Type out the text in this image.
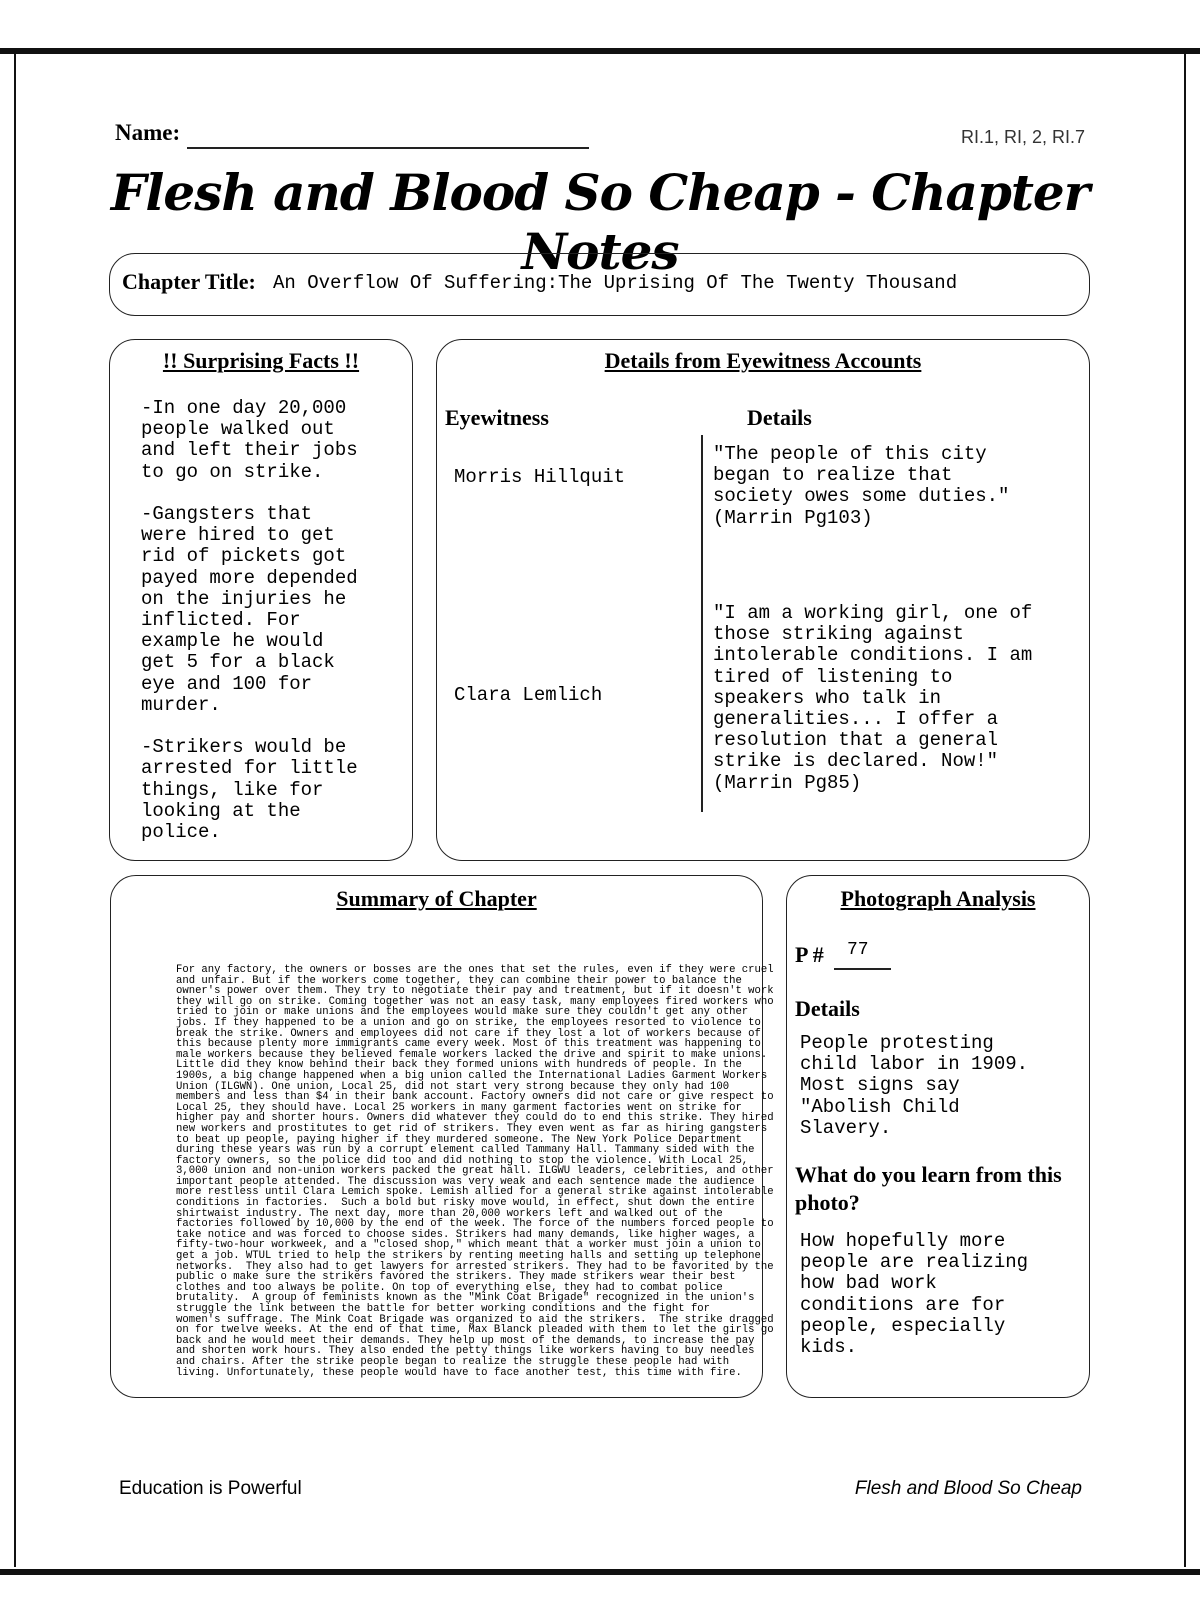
Name:	RI.1, RI, 2, RI.7
Flesh and Blood So Cheap - Chapter Notes
Chapter Title: An Overflow Of Suffering:The Uprising Of The Twenty Thousand
!! Surprising Facts !!
-In one day 20,000
people walked out
and left their jobs
to go on strike.

-Gangsters that
were hired to get
rid of pickets got
payed more depended
on the injuries he
inflicted. For
example he would
get 5 for a black
eye and 100 for
murder.

-Strikers would be
arrested for little
things, like for
looking at the
police.
Details from Eyewitness Accounts
Eyewitness	Details
Morris Hillquit
"The people of this city
began to realize that
society owes some duties."
(Marrin Pg103)
Clara Lemlich
"I am a working girl, one of
those striking against
intolerable conditions. I am
tired of listening to
speakers who talk in
generalities... I offer a
resolution that a general
strike is declared. Now!"
(Marrin Pg85)
Summary of Chapter
For any factory, the owners or bosses are the ones that set the rules, even if they were cruel
and unfair. But if the workers come together, they can combine their power to balance the
owner's power over them. They try to negotiate their pay and treatment, but if it doesn't work
they will go on strike. Coming together was not an easy task, many employees fired workers who
tried to join or make unions and the employees would make sure they couldn't get any other
jobs. If they happened to be a union and go on strike, the employees resorted to violence to
break the strike. Owners and employees did not care if they lost a lot of workers because of
this because plenty more immigrants came every week. Most of this treatment was happening to
male workers because they believed female workers lacked the drive and spirit to make unions.
Little did they know behind their back they formed unions with hundreds of people. In the
1900s, a big change happened when a big union called the International Ladies Garment Workers
Union (ILGWN). One union, Local 25, did not start very strong because they only had 100
members and less than $4 in their bank account. Factory owners did not care or give respect to
Local 25, they should have. Local 25 workers in many garment factories went on strike for
higher pay and shorter hours. Owners did whatever they could do to end this strike. They hired
new workers and prostitutes to get rid of strikers. They even went as far as hiring gangsters
to beat up people, paying higher if they murdered someone. The New York Police Department
during these years was run by a corrupt element called Tammany Hall. Tammany sided with the
factory owners, so the police did too and did nothing to stop the violence. With Local 25,
3,000 union and non-union workers packed the great hall. ILGWU leaders, celebrities, and other
important people attended. The discussion was very weak and each sentence made the audience
more restless until Clara Lemich spoke. Lemish allied for a general strike against intolerable
conditions in factories.  Such a bold but risky move would, in effect, shut down the entire
shirtwaist industry. The next day, more than 20,000 workers left and walked out of the
factories followed by 10,000 by the end of the week. The force of the numbers forced people to
take notice and was forced to choose sides. Strikers had many demands, like higher wages, a
fifty-two-hour workweek, and a "closed shop," which meant that a worker must join a union to
get a job. WTUL tried to help the strikers by renting meeting halls and setting up telephone
networks.  They also had to get lawyers for arrested strikers. They had to be favorited by the
public o make sure the strikers favored the strikers. They made strikers wear their best
clothes and too always be polite. On top of everything else, they had to combat police
brutality.  A group of feminists known as the "Mink Coat Brigade" recognized in the union's
struggle the link between the battle for better working conditions and the fight for
women's suffrage. The Mink Coat Brigade was organized to aid the strikers.  The strike dragged
on for twelve weeks. At the end of that time, Max Blanck pleaded with them to let the girls go
back and he would meet their demands. They help up most of the demands, to increase the pay
and shorten work hours. They also ended the petty things like workers having to buy needles
and chairs. After the strike people began to realize the struggle these people had with
living. Unfortunately, these people would have to face another test, this time with fire.
Photograph Analysis
P # 77
Details
People protesting
child labor in 1909.
Most signs say
"Abolish Child
Slavery.
What do you learn from this photo?
How hopefully more
people are realizing
how bad work
conditions are for
people, especially
kids.
Education is Powerful	Flesh and Blood So Cheap
